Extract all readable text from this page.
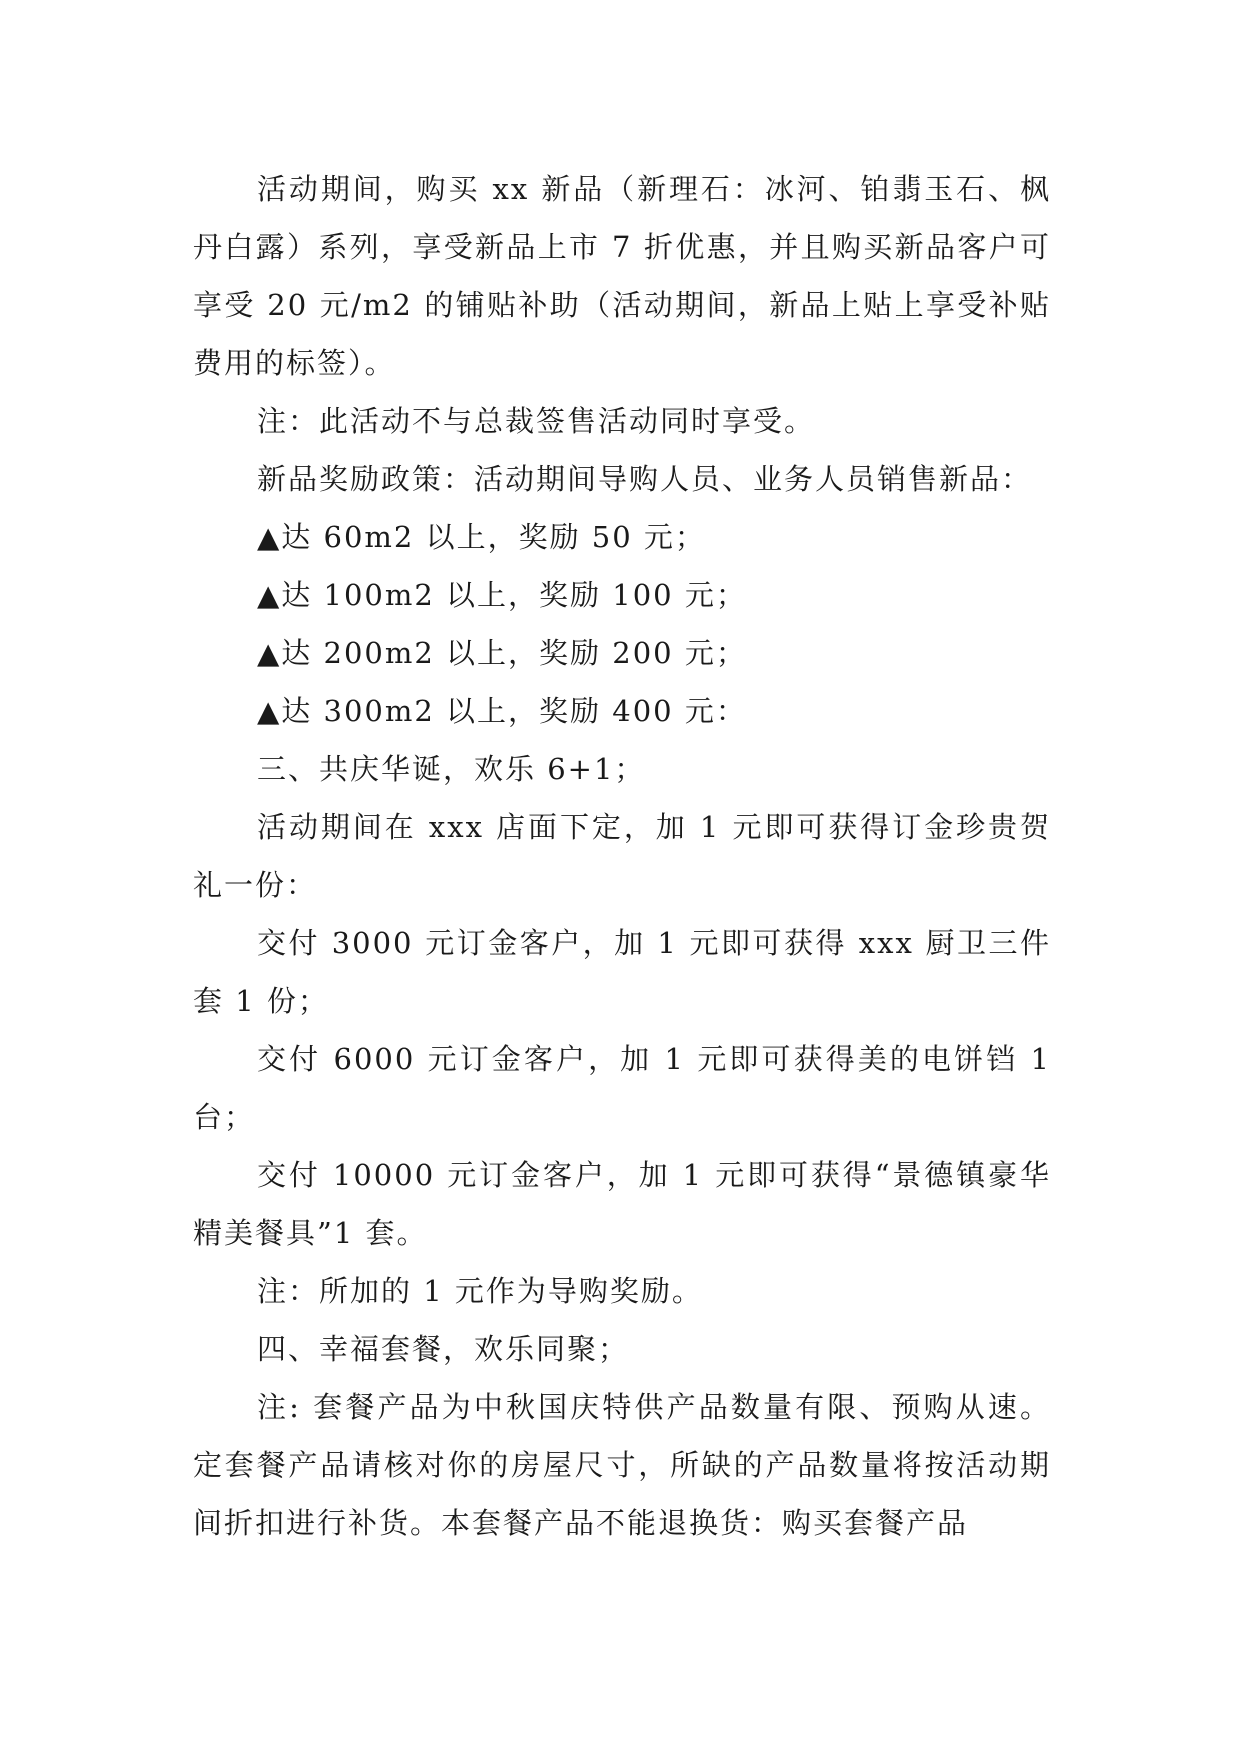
活动期间，购买 xx 新品（新理石：冰河、铂翡玉石、枫丹白露）系列，享受新品上市 7 折优惠，并且购买新品客户可享受 20 元/m2 的铺贴补助（活动期间，新品上贴上享受补贴费用的标签）。

注：此活动不与总裁签售活动同时享受。

新品奖励政策：活动期间导购人员、业务人员销售新品：

▲达 60m2 以上，奖励 50 元；

▲达 100m2 以上，奖励 100 元；

▲达 200m2 以上，奖励 200 元；

▲达 300m2 以上，奖励 400 元：

三、共庆华诞，欢乐 6+1；

活动期间在 xxx 店面下定，加 1 元即可获得订金珍贵贺礼一份：

交付 3000 元订金客户，加 1 元即可获得 xxx 厨卫三件套 1 份；

交付 6000 元订金客户，加 1 元即可获得美的电饼铛 1 台；

交付 10000 元订金客户，加 1 元即可获得“景德镇豪华精美餐具”1 套。

注：所加的 1 元作为导购奖励。

四、幸福套餐，欢乐同聚；

注: 套餐产品为中秋国庆特供产品数量有限、预购从速。定套餐产品请核对你的房屋尺寸，所缺的产品数量将按活动期间折扣进行补货。本套餐产品不能退换货：购买套餐产品
